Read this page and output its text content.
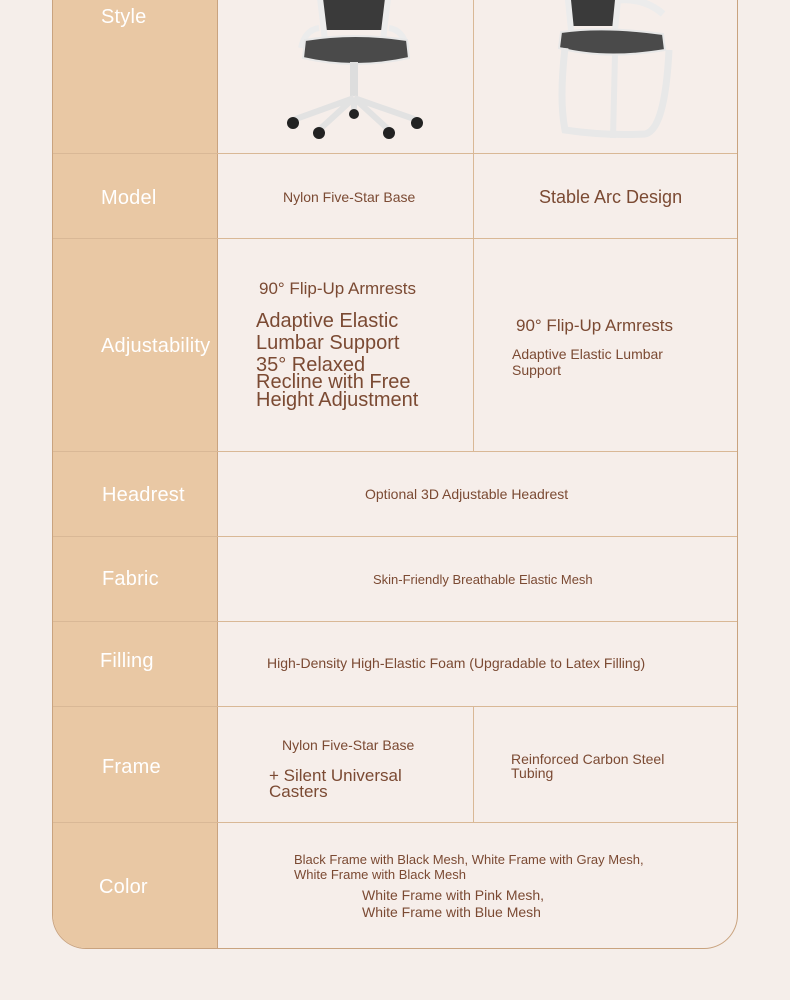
Style
Model
Adjustability
Headrest
Fabric
Filling
Frame
Color
Nylon Five-Star Base	Stable Arc Design
90° Flip-Up Armrests
Adaptive Elastic
Lumbar Support
35° Relaxed
Recline with Free
Height Adjustment
90° Flip-Up Armrests
Adaptive Elastic Lumbar
Support
Optional 3D Adjustable Headrest
Skin-Friendly Breathable Elastic Mesh
High-Density High-Elastic Foam (Upgradable to Latex Filling)
Nylon Five-Star Base
+ Silent Universal
Casters
Reinforced Carbon Steel
Tubing
Black Frame with Black Mesh, White Frame with Gray Mesh,
White Frame with Black Mesh
White Frame with Pink Mesh,
White Frame with Blue Mesh
